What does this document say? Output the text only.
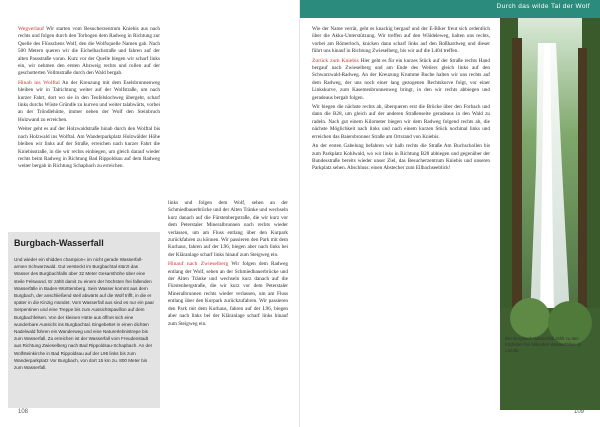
Durch das wilde Tal der Wolf

Wegverlauf Wir starten vom Besucherzentrum Kniebis aus nach rechts und folgen durch den Torbogen dem Radweg in Richtung zur Quelle des Flüsschens Wolf, den die Wolfsquelle Namen gab. Nach 500 Metern queren wir die Eichelbachstraße und fahren auf der alten Passstraße voran. Kurz vor der Quelle biegen wir scharf links ein, wir nehmen den ersten Abzweig rechts und rollen auf der geschotterten Vollmstraße durch den Wald bergab.

Hinab ins Wolftal An der Kreuzung mit dem Eselsbrunnenweg bleiben wir in Talrichtung weiter auf der Wolfstraße, um nach kurzer Fahrt, dort wo sie in den Teufelslochweg übergeht, scharf links durchs Wüste Gründle zu kurven und weiter talabwärts, vorbei an der Tröndlehütte, immer neben der Wolf den Steinbruch Holzwand zu erreichen.

Weiter geht es auf der Holzwaldstraße hinab durch den Wolftal bis nach Holzwald ins Wolftal. Am Wanderparkplatz Holzwälder Höhe bleiben wir links auf der Straße, erreichen nach kurzer Fahrt die Kniebisstraße, in die wir rechts einbiegen, um gleich darauf wieder rechts beim Radweg in Richtung Bad Rippoldsau auf dem Radweg weiter bergab in Richtung Schapbach zu erreichen.

links und folgen dem Wolf, sehen an der Schmiedbauerbrücke und der Alten Tränke und wechseln kurz danach auf die Fürstenbergstraße, die wir kurz vor dem Peterstaler Mineralbrunnen nach rechts wieder verlassen, um am Fluss entlang über den Kurpark zurückfahren zu können. Wir passieren den Park mit dem Kurhaus, fahren auf der L96, biegen aber nach links bei der Kläranlage scharf links hinauf zum Steigweg ein.

Hinauf nach Zwieselberg Wir folgen dem Radweg entlang der Wolf, sehen an der Schmiedbauerbrücke und der Alten Tränke und wechseln kurz danach auf die Fürstenbergstraße, die wir kurz vor dem Peterstaler Mineralbrunnen rechts wieder verlassen, um am Fluss entlang über den Kurpark zurückzufahren. Wir passieren den Park mit dem Kurhaus, fahren auf der L96, biegen aber nach links bei der Kläranlage scharf links hinauf zum Steigweg ein.

Burgbach-Wasserfall
Und wieder ein shidden champion« im nicht gerade Wasserfall-armen Schwarzwald. Gut versteckt im Burgbachtal stürzt das Wasser des Burgbachfalls über 32 Meter Gesamthöhe über eine steile Felswand. Er zählt damit zu einem der höchsten frei fallenden Wasserfälle in Baden-Württemberg. Sein Wasser kommt aus dem Burgbach, der anschließend steil abwärts auf die Wolf trifft, in die er später in die Kinzig mündet. Vom Wasserfall aus sind es nur ein paar Serpentinen und eine Treppe bis zum Aussichtspavillon auf dem Burgbachfelsen. Von der kleinen Hütte aus öffnet sich eine wunderbare Aussicht ins Burgbachtal. Eingebettet in einen dichten Nadelwald führen ein Wanderweg und eine Naturerlebnistrepe bis zum Wasserfall. Zu erreichen ist der Wasserfall vom Freudenstadt aus Richtung Zwieselberg nach Bad Rippoldsau-Schapbach. An der Wolfsteinkirche in Bad Rippoldsau auf der L96 links bis zum Wanderparkplatz Vor Burgbach, von dort 15 km zu. 800 Meter bis zum Wasserfall.
108

Wie der Name verrät, geht es knackig bergauf und der E-Biker freut sich ordentlich über die Akku-Unterstützung. Wir treffen auf den Wäldeleweg, halten uns rechts, vorbei am Römerloch, knicken dann scharf links auf den Roßhardweg und dieser führt uns hinauf in Richtung Zwieselberg, bis wir auf die L404 treffen.

Zurück zum Kniebis Hier geht es für ein kurzes Stück auf der Straße rechts Hand bergauf nach Zwieselberg und am Ende des Weilers gleich links auf den Schwarzwald-Radweg. An der Kreuzung Krumme Buche halten wir uns rechts auf dem Radweg, der uns noch einer lang gezogenen Rechtskurve folgt, vor einer Linkskurve, zum Kasemenbrunnenweg bringt, in den wir rechts abbiegen und geradeaus bergab folgen.

Wir biegen die nächste rechts ab, überqueren erst die Brücke über den Forbach und dann die B28, um gleich auf der anderen Straßenseite geradeaus in den Wald zu radeln. Nach gut einem Kilometer biegen wir dem Radweg folgend rechts ab, die nächste Möglichkeit nach links und nach einem kurzen Stück nochmal links und erreichen das Baiersbronner Straße am Ortsrand von Kniebis.

An der ersten Gabelung befahren wir halb rechts die Straße Am Buchschollen bis zum Parkplatz Kohlwald, wo wir links in Richtung B28 abbiegen und gegenüber der Bundesstraße bereits wieder unser Ziel, das Besucherzentrum Kniebis und unseren Parkplatz sehen. Abschluss: einen Abstecher zum Ellbachseeblick!

Der Burgbach-Wasserfall zählt zu den höchsten frei fallenden Wasserfällen im Ländle.
109
